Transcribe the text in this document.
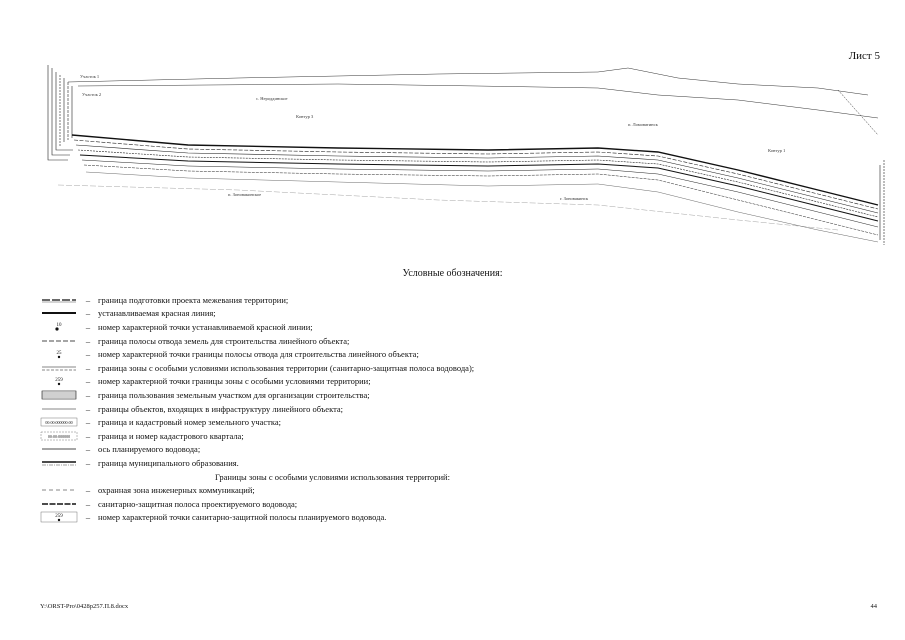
Лист 5
Участок 1
Участок 2
с. Нероддинское
Контур 3
п. Ломоватинск
п. Зоновакинское
г. Зоновакинск
Контур 1
Условные обозначения:
– граница подготовки проекта межевания территории;
– устанавливаемая красная линия;
10	– номер характерной точки устанавливаемой красной линии;
– граница полосы отвода земель для строительства линейного объекта;
25	– номер характерной точки границы полосы отвода для строительства линейного объекта;
– граница зоны с особыми условиями использования территории (санитарно-защитная полоса водовода);
259	– номер характерной точки границы зоны с особыми условиями территории;
– граница пользования земельным участком для организации строительства;
– границы объектов, входящих в инфраструктуру линейного объекта;
00:00:000000:00	– граница и кадастровый номер земельного участка;
00:00:000000	– граница и номер кадастрового квартала;
– ось планируемого водовода;
– граница муниципального образования.
Границы зоны с особыми условиями использования территорий:
– охранная зона инженерных коммуникаций;
– санитарно-защитная полоса проектируемого водовода;
259	– номер характерной точки санитарно-защитной полосы планируемого водовода.
Y:\ORST-Pro\0428p257.П.8.docx	44
